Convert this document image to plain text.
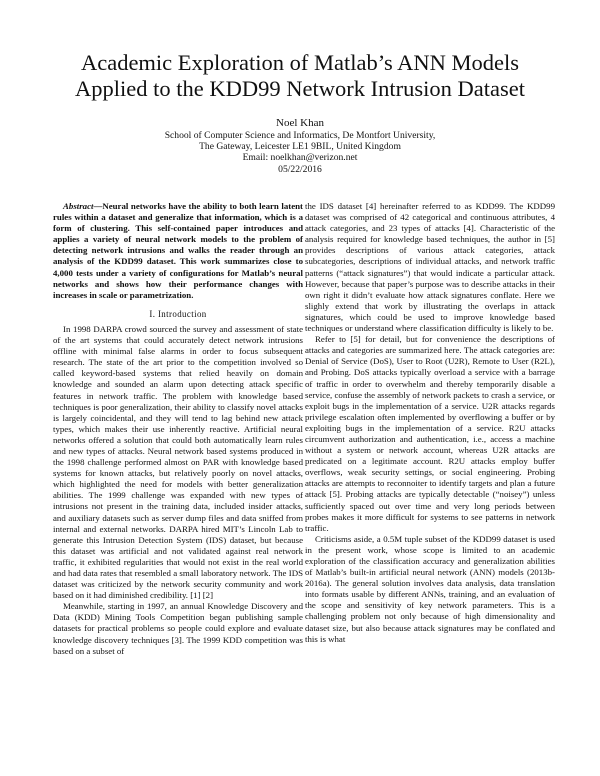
Academic Exploration of Matlab’s ANN Models
Applied to the KDD99 Network Intrusion Dataset
Noel Khan
School of Computer Science and Informatics, De Montfort University,
The Gateway, Leicester LE1 9BIL, United Kingdom
Email: noelkhan@verizon.net
05/22/2016

Abstract—Neural networks have the ability to both learn latent rules within a dataset and generalize that information, which is a form of clustering. This self-contained paper introduces and applies a variety of neural network models to the problem of detecting network intrusions and walks the reader through an analysis of the KDD99 dataset. This work summarizes close to 4,000 tests under a variety of configurations for Matlab’s neural networks and shows how their performance changes with increases in scale or parametrization.

I. Introduction

In 1998 DARPA crowd sourced the survey and assessment of state of the art systems that could accurately detect network intrusions offline with minimal false alarms in order to focus subsequent research. The state of the art prior to the competition involved so called keyword-based systems that relied heavily on domain knowledge and sounded an alarm upon detecting attack specific features in network traffic. The problem with knowledge based techniques is poor generalization, their ability to classify novel attacks is largely coincidental, and they will tend to lag behind new attack types, which makes their use inherently reactive. Artificial neural networks offered a solution that could both automatically learn rules and new types of attacks. Neural network based systems produced in the 1998 challenge performed almost on PAR with knowledge based systems for known attacks, but relatively poorly on novel attacks, which highlighted the need for models with better generalization abilities. The 1999 challenge was expanded with new types of intrusions not present in the training data, included insider attacks, and auxiliary datasets such as server dump files and data sniffed from internal and external networks. DARPA hired MIT’s Lincoln Lab to generate this Intrusion Detection System (IDS) dataset, but because this dataset was artificial and not validated against real network traffic, it exhibited regularities that would not exist in the real world and had data rates that resembled a small laboratory network. The IDS dataset was criticized by the network security community and work based on it had diminished credibility. [1] [2]

Meanwhile, starting in 1997, an annual Knowledge Discovery and Data (KDD) Mining Tools Competition began publishing sample datasets for practical problems so people could explore and evaluate knowledge discovery techniques [3]. The 1999 KDD competition was based on a subset of

the IDS dataset [4] hereinafter referred to as KDD99. The KDD99 dataset was comprised of 42 categorical and continuous attributes, 4 attack categories, and 23 types of attacks [4]. Characteristic of the analysis required for knowledge based techniques, the author in [5] provides descriptions of various attack categories, attack subcategories, descriptions of individual attacks, and network traffic patterns (“attack signatures”) that would indicate a particular attack. However, because that paper’s purpose was to describe attacks in their own right it didn’t evaluate how attack signatures conflate. Here we slighly extend that work by illustrating the overlaps in attack signatures, which could be used to improve knowledge based techniques or understand where classification difficulty is likely to be.

Refer to [5] for detail, but for convenience the descriptions of attacks and categories are summarized here. The attack categories are: Denial of Service (DoS), User to Root (U2R), Remote to User (R2L), and Probing. DoS attacks typically overload a service with a barrage of traffic in order to overwhelm and thereby temporarily disable a service, confuse the assembly of network packets to crash a service, or exploit bugs in the implementation of a service. U2R attacks regards privilege escalation often implemented by overflowing a buffer or by exploiting bugs in the implementation of a service. R2U attacks circumvent authorization and authentication, i.e., access a machine without a system or network account, whereas U2R attacks are predicated on a legitimate account. R2U attacks employ buffer overflows, weak security settings, or social engineering. Probing attacks are attempts to reconnoiter to identify targets and plan a future attack [5]. Probing attacks are typically detectable (“noisey”) unless sufficiently spaced out over time and very long periods between probes makes it more difficult for systems to see patterns in network traffic.

Criticisms aside, a 0.5M tuple subset of the KDD99 dataset is used in the present work, whose scope is limited to an academic exploration of the classification accuracy and generalization abilities of Matlab’s built-in artificial neural network (ANN) models (2013b-2016a). The general solution involves data analysis, data translation into formats usable by different ANNs, training, and an evaluation of the scope and sensitivity of key network parameters. This is a challenging problem not only because of high dimensionality and dataset size, but also because attack signatures may be conflated and this is what
